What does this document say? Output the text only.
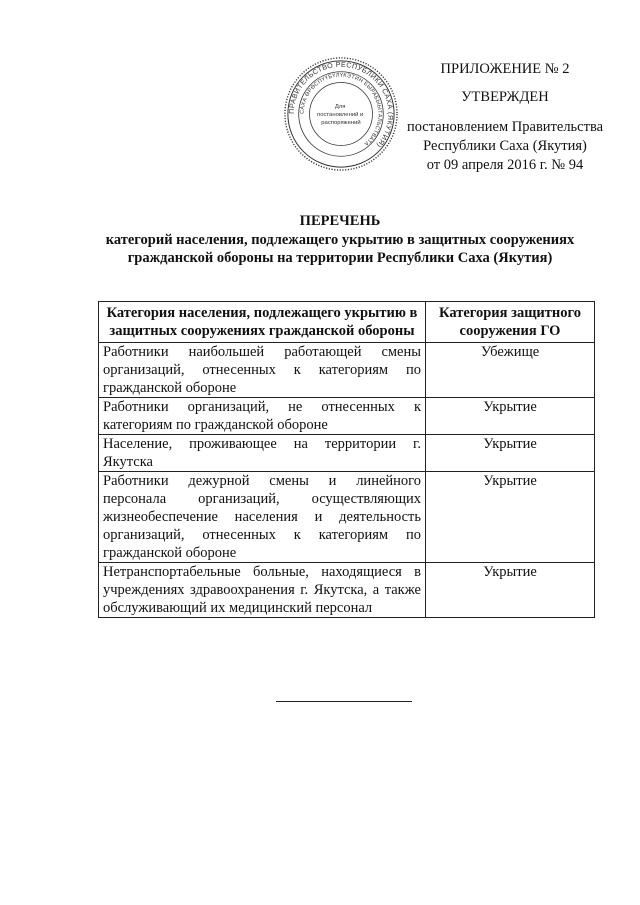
ПРАВИТЕЛЬСТВО РЕСПУБЛИКИ САХА (ЯКУТИЯ)
САХА ӨРӨСПҮҮБҮЛҮКЭТИН БЫРАБЫЫТАЛЬСТВАТА
Для постановлений и распоряжений
ПРИЛОЖЕНИЕ № 2
УТВЕРЖДЕН
постановлением Правительства
Республики Саха (Якутия)
от 09 апреля 2016 г. № 94
ПЕРЕЧЕНЬ
категорий населения, подлежащего укрытию в защитных сооружениях
гражданской обороны на территории Республики Саха (Якутия)
Категория населения, подлежащего укрытию в защитных сооружениях гражданской обороны	Категория защитного сооружения ГО
Работники наибольшей работающей смены организаций, отнесенных к категориям по гражданской обороне	Убежище
Работники организаций, не отнесенных к категориям по гражданской обороне	Укрытие
Население, проживающее на территории г. Якутска	Укрытие
Работники дежурной смены и линейного персонала организаций, осуществляющих жизнеобеспечение населения и деятельность организаций, отнесенных к категориям по гражданской обороне	Укрытие
Нетранспортабельные больные, находящиеся в учреждениях здравоохранения г. Якутска, а также обслуживающий их медицинский персонал	Укрытие
